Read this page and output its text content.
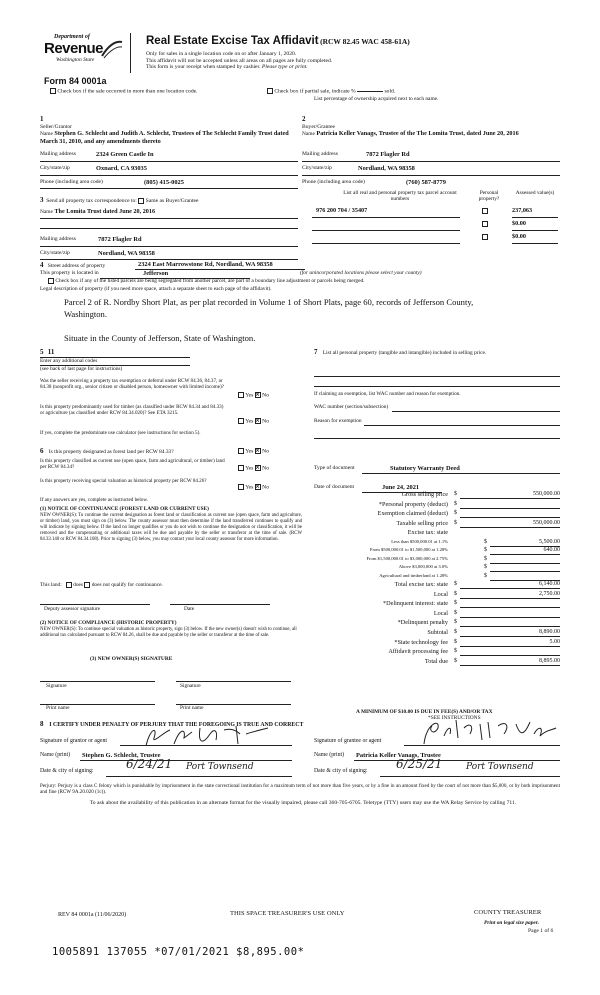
Department of
Revenue
Washington State
Real Estate Excise Tax Affidavit (RCW 82.45 WAC 458-61A)
Only for sales in a single location code on or after January 1, 2020.
This affidavit will not be accepted unless all areas on all pages are fully completed.
This form is your receipt when stamped by cashier. Please type or print.
Form 84 0001a
Check box if the sale occurred in more than one location code.	Check box if partial sale, indicate %	sold.
List percentage of ownership acquired next to each name.
1
Seller/Grantor
Name Stephen G. Schlecht and Judith A. Schlecht, Trustees of The Schlecht Family Trust dated March 31, 2010, and any amendments thereto
Mailing address	2324 Green Castle In
City/state/zip	Oxnard, CA 93035
Phone (including area code)	(805) 415-0025
2
Buyer/Grantee
Name Patricia Keller Vanags, Trustee of the The Lomita Trust, dated June 20, 2016
Mailing address	7872 Flagler Rd
City/state/zip	Nordland, WA 98358
Phone (including area code)	(760) 587-8779
3 Send all property tax correspondence to: Same as Buyer/Grantee
Name The Lomita Trust dated June 20, 2016
Mailing address	7872 Flagler Rd
City/state/zip	Nordland, WA 98358
List all real and personal property tax parcel account numbers
Personal property?
Assessed value(s)
976 200 704 / 35407	237,063
$0.00
$0.00
4 Street address of property	2324 East Marrowstone Rd, Nordland, WA 98358
This property is located in	Jefferson	(for unincorporated locations please select your county)
Check box if any of the listed parcels are being segregated from another parcel, are part of a boundary line adjustment or parcels being merged.
Legal description of property (if you need more space, attach a separate sheet to each page of the affidavit).
Parcel 2 of R. Nordby Short Plat, as per plat recorded in Volume 1 of Short Plats, page 60, records of Jefferson County,
Washington.
Situate in the County of Jefferson, State of Washington.
5 11
Enter any additional codes
(see back of last page for instructions)
Was the seller receiving a property tax exemption or deferral under RCW 84.36, 84.37, or 84.38 (nonprofit org., senior citizen or disabled person, homeowner with limited income)?
Yes × No
Is this property predominantly used for timber (as classified under RCW 84.34 and 84.33) or agriculture (as classified under RCW 84.34.020)? See ETA 3215.
Yes × No
If yes, complete the predominate use calculator (see instructions for section 5).
6 Is this property designated as forest land per RCW 84.33?	Yes × No
Is this property classified as current use (open space, farm and agricultural, or timber) land per RCW 84.34?	Yes × No
Is this property receiving special valuation as historical property per RCW 84.26?
Yes × No
If any answers are yes, complete as instructed below.
(1) NOTICE OF CONTINUANCE (FOREST LAND OR CURRENT USE)
NEW OWNER(S): To continue the current designation as forest land or classification as current use (open space, farm and agriculture, or timber) land, you must sign on (3) below. The county assessor must then determine if the land transferred continues to qualify and will indicate by signing below. If the land no longer qualifies or you do not wish to continue the designation or classification, it will be removed and the compensating or additional taxes will be due and payable by the seller or transferor at the time of sale. (RCW 84.33.140 or RCW 84.34.108). Prior to signing (3) below, you may contact your local county assessor for more information.
This land: does does not qualify for continuance.
Deputy assessor signature	Date
(2) NOTICE OF COMPLIANCE (HISTORIC PROPERTY)
NEW OWNER(S): To continue special valuation as historic property, sign (3) below. If the new owner(s) doesn't wish to continue, all additional tax calculated pursuant to RCW 84.26, shall be due and payable by the seller or transferor at the time of sale.
(3) NEW OWNER(S) SIGNATURE
Signature	Signature
Print name	Print name
7 List all personal property (tangible and intangible) included in selling price.
If claiming an exemption, list WAC number and reason for exemption.
WAC number (section/subsection)
Reason for exemption
Type of document	Statutory Warranty Deed
Date of document	June 24, 2021
Gross selling price $	550,000.00
*Personal property (deduct) $
Exemption claimed (deduct) $
Taxable selling price $	550,000.00
Excise tax: state
Less than $500,000.01 at 1.1%	$	5,500.00
From $500,000.01 to $1,500,000 at 1.28%	$	640.00
From $1,500,000.01 to $3,000,000 at 2.75%	$
Above $3,000,000 at 3.0%	$
Agricultural and timberland at 1.28%	$
Total excise tax: state $	6,140.00
Local $	2,750.00
*Delinquent interest: state $
Local $
*Delinquent penalty $
Subtotal $	8,890.00
*State technology fee $	5.00
Affidavit processing fee $
Total due $	8,895.00
A MINIMUM OF $10.00 IS DUE IN FEE(S) AND/OR TAX
*SEE INSTRUCTIONS
8 I CERTIFY UNDER PENALTY OF PERJURY THAT THE FOREGOING IS TRUE AND CORRECT
Signature of grantor or agent	Signature of grantee or agent
Name (print) Stephen G. Schlecht, Trustee	Name (print) Patricia Keller Vanags, Trustee
Date & city of signing:	6/24/21 Port Townsend	Date & city of signing: 6/25/21	Port Townsend
Perjury: Perjury is a class C felony which is punishable by imprisonment in the state correctional institution for a maximum term of not more than five years, or by a fine in an amount fixed by the court of not more than $5,000, or by both imprisonment and fine (RCW 9A.20.020 (1c)).
To ask about the availability of this publication in an alternate format for the visually impaired, please call 360-705-6705. Teletype (TTY) users may use the WA Relay Service by calling 711.
REV 84 0001a (11/06/2020)	THIS SPACE TREASURER'S USE ONLY	COUNTY TREASURER
Print on legal size paper.
Page 1 of 6
1005891 137055 *07/01/2021 $8,895.00*
